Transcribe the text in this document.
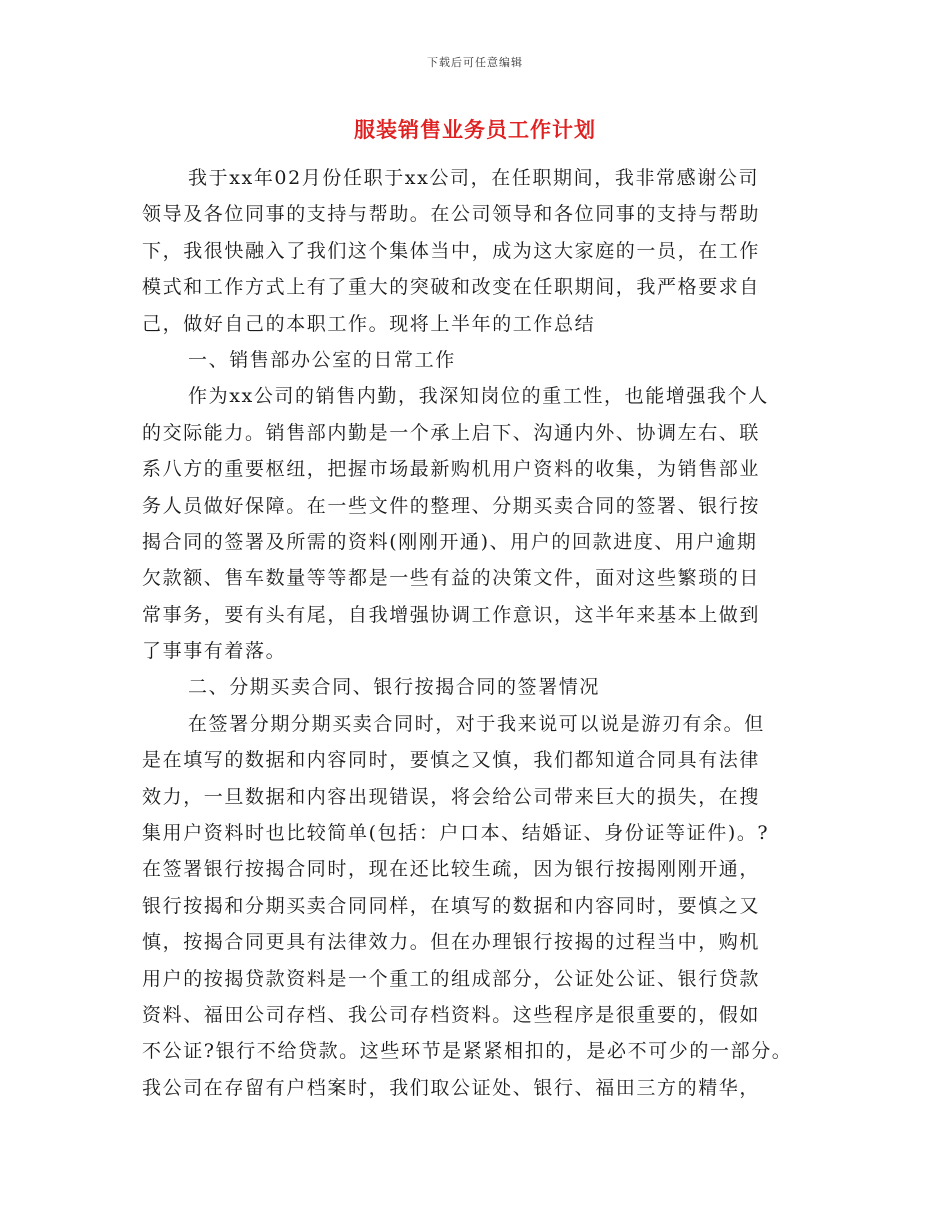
下载后可任意编辑
服装销售业务员工作计划
我于xx年02月份任职于xx公司，在任职期间，我非常感谢公司
领导及各位同事的支持与帮助。在公司领导和各位同事的支持与帮助
下，我很快融入了我们这个集体当中，成为这大家庭的一员，在工作
模式和工作方式上有了重大的突破和改变在任职期间，我严格要求自
己，做好自己的本职工作。现将上半年的工作总结
一、销售部办公室的日常工作
作为xx公司的销售内勤，我深知岗位的重工性，也能增强我个人
的交际能力。销售部内勤是一个承上启下、沟通内外、协调左右、联
系八方的重要枢纽，把握市场最新购机用户资料的收集，为销售部业
务人员做好保障。在一些文件的整理、分期买卖合同的签署、银行按
揭合同的签署及所需的资料(刚刚开通)、用户的回款进度、用户逾期
欠款额、售车数量等等都是一些有益的决策文件，面对这些繁琐的日
常事务，要有头有尾，自我增强协调工作意识，这半年来基本上做到
了事事有着落。
二、分期买卖合同、银行按揭合同的签署情况
在签署分期分期买卖合同时，对于我来说可以说是游刃有余。但
是在填写的数据和内容同时，要慎之又慎，我们都知道合同具有法律
效力，一旦数据和内容出现错误，将会给公司带来巨大的损失，在搜
集用户资料时也比较简单(包括：户口本、结婚证、身份证等证件)。?
在签署银行按揭合同时，现在还比较生疏，因为银行按揭刚刚开通，
银行按揭和分期买卖合同同样，在填写的数据和内容同时，要慎之又
慎，按揭合同更具有法律效力。但在办理银行按揭的过程当中，购机
用户的按揭贷款资料是一个重工的组成部分，公证处公证、银行贷款
资料、福田公司存档、我公司存档资料。这些程序是很重要的，假如
不公证?银行不给贷款。这些环节是紧紧相扣的，是必不可少的一部分。
我公司在存留有户档案时，我们取公证处、银行、福田三方的精华，
